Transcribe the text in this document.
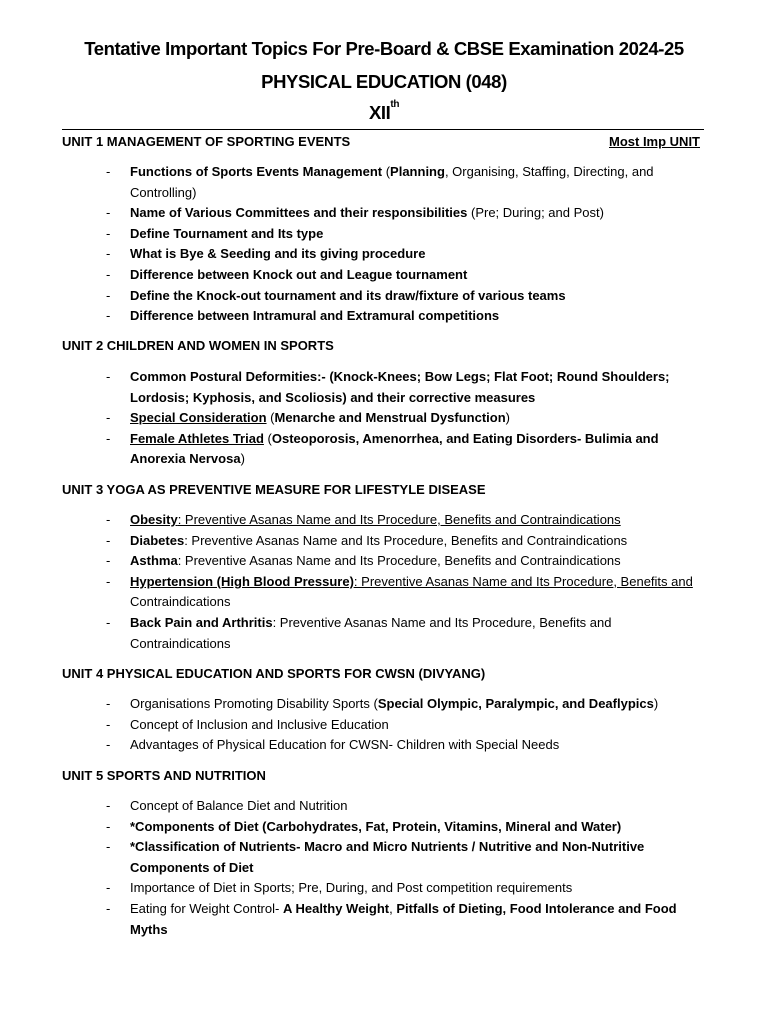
Tentative Important Topics For Pre-Board & CBSE Examination 2024-25
PHYSICAL EDUCATION (048)
XIIth
UNIT 1 MANAGEMENT OF SPORTING EVENTS	Most Imp UNIT
- Functions of Sports Events Management (Planning, Organising, Staffing, Directing, and Controlling)
- Name of Various Committees and their responsibilities (Pre; During; and Post)
- Define Tournament and Its type
- What is Bye & Seeding and its giving procedure
- Difference between Knock out and League tournament
- Define the Knock-out tournament and its draw/fixture of various teams
- Difference between Intramural and Extramural competitions
UNIT 2 CHILDREN AND WOMEN IN SPORTS
- Common Postural Deformities:- (Knock-Knees; Bow Legs; Flat Foot; Round Shoulders; Lordosis; Kyphosis, and Scoliosis) and their corrective measures
- Special Consideration (Menarche and Menstrual Dysfunction)
- Female Athletes Triad (Osteoporosis, Amenorrhea, and Eating Disorders- Bulimia and Anorexia Nervosa)
UNIT 3 YOGA AS PREVENTIVE MEASURE FOR LIFESTYLE DISEASE
- Obesity: Preventive Asanas Name and Its Procedure, Benefits and Contraindications
- Diabetes: Preventive Asanas Name and Its Procedure, Benefits and Contraindications
- Asthma: Preventive Asanas Name and Its Procedure, Benefits and Contraindications
- Hypertension (High Blood Pressure): Preventive Asanas Name and Its Procedure, Benefits and Contraindications
- Back Pain and Arthritis: Preventive Asanas Name and Its Procedure, Benefits and Contraindications
UNIT 4 PHYSICAL EDUCATION AND SPORTS FOR CWSN (DIVYANG)
- Organisations Promoting Disability Sports (Special Olympic, Paralympic, and Deaflypics)
- Concept of Inclusion and Inclusive Education
- Advantages of Physical Education for CWSN- Children with Special Needs
UNIT 5 SPORTS AND NUTRITION
- Concept of Balance Diet and Nutrition
- *Components of Diet (Carbohydrates, Fat, Protein, Vitamins, Mineral and Water)
- *Classification of Nutrients- Macro and Micro Nutrients / Nutritive and Non-Nutritive Components of Diet
- Importance of Diet in Sports; Pre, During, and Post competition requirements
- Eating for Weight Control- A Healthy Weight, Pitfalls of Dieting, Food Intolerance and Food Myths
